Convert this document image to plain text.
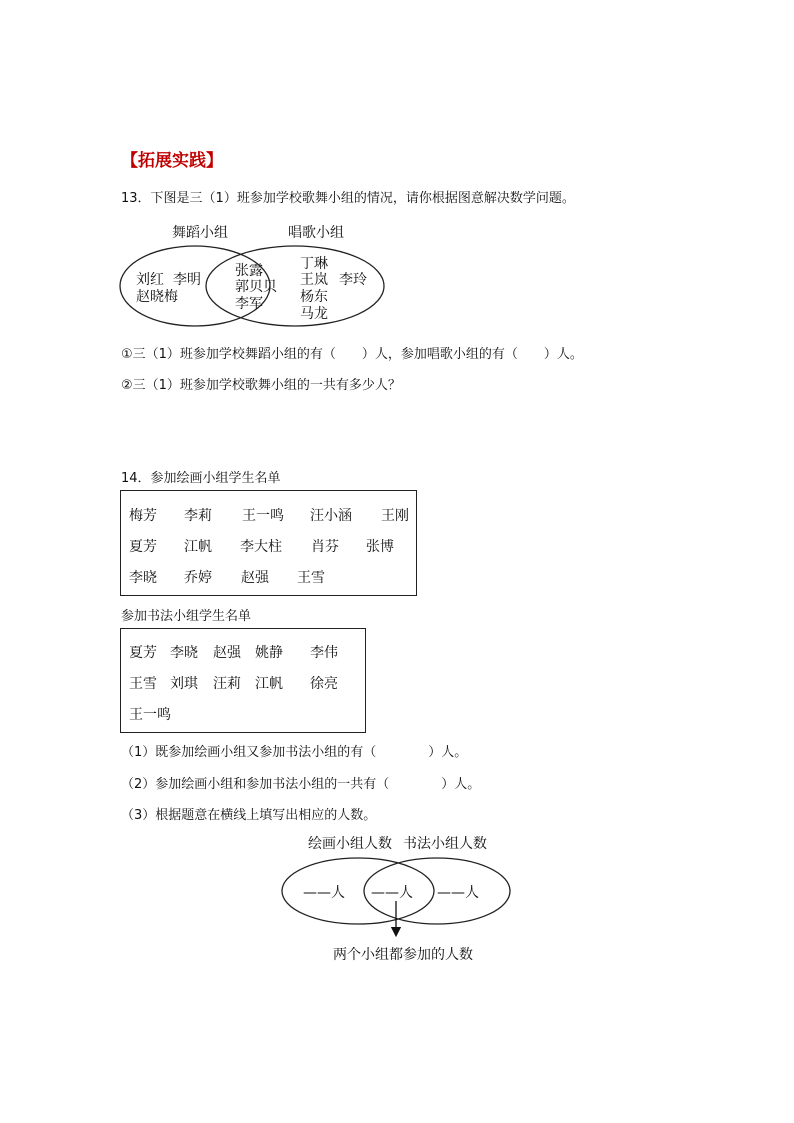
【拓展实践】
13．下图是三（1）班参加学校歌舞小组的情况，请你根据图意解决数学问题。
舞蹈小组	唱歌小组
刘红 李明
赵晓梅
张露
郭贝贝
李军
丁琳
王岚 李玲
杨东
马龙
①三（1）班参加学校舞蹈小组的有（　　）人，参加唱歌小组的有（　　）人。
②三（1）班参加学校歌舞小组的一共有多少人？
14．参加绘画小组学生名单
梅芳 李莉 王一鸣 汪小涵 王刚
夏芳 江帆 李大柱 肖芬 张博
李晓 乔婷 赵强 王雪
参加书法小组学生名单
夏芳 李晓 赵强 姚静 李伟
王雪 刘琪 汪莉 江帆 徐亮
王一鸣
（1）既参加绘画小组又参加书法小组的有（　　　　）人。
（2）参加绘画小组和参加书法小组的一共有（　　　　）人。
（3）根据题意在横线上填写出相应的人数。
绘画小组人数 书法小组人数
——人 ——人 ——人
两个小组都参加的人数
